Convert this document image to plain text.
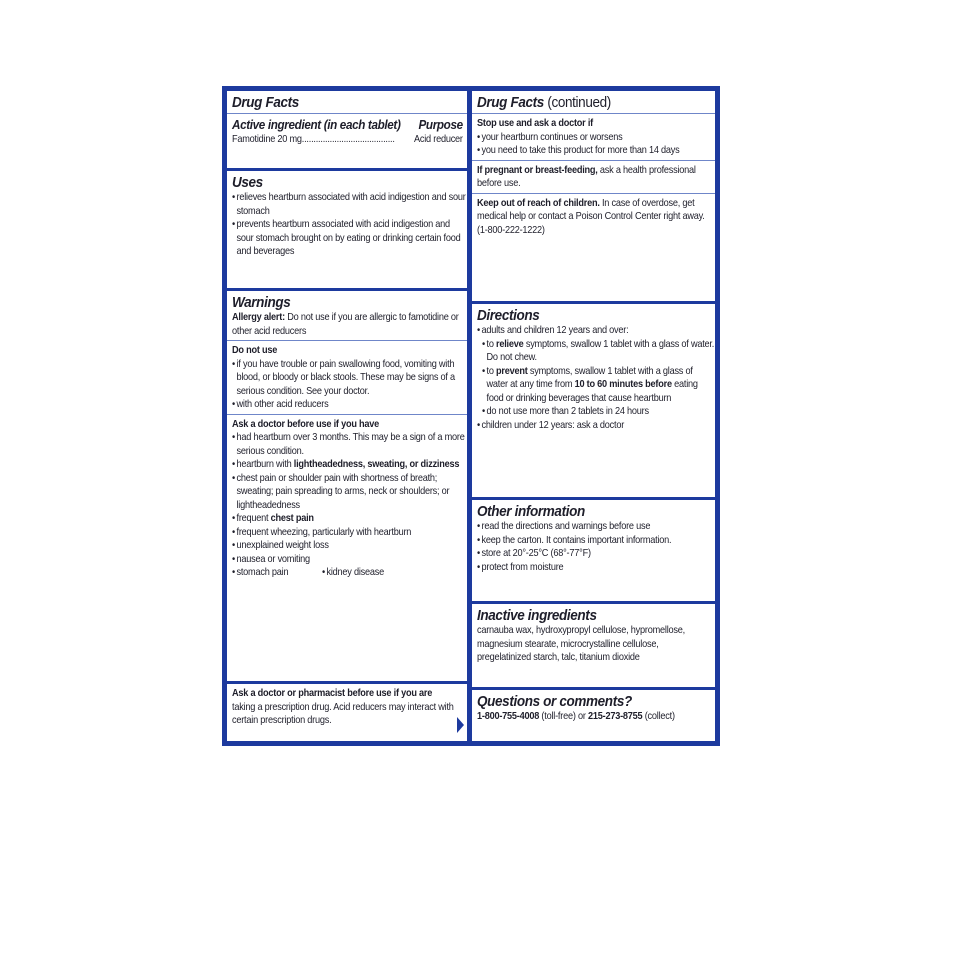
Drug Facts
Active ingredient (in each tablet) Purpose
Famotidine 20 mg........................................ Acid reducer
Uses
• relieves heartburn associated with acid indigestion and sour stomach
• prevents heartburn associated with acid indigestion and sour stomach brought on by eating or drinking certain food and beverages
Warnings
Allergy alert: Do not use if you are allergic to famotidine or other acid reducers
Do not use
• if you have trouble or pain swallowing food, vomiting with blood, or bloody or black stools. These may be signs of a serious condition. See your doctor.
• with other acid reducers
Ask a doctor before use if you have
• had heartburn over 3 months. This may be a sign of a more serious condition.
• heartburn with lightheadedness, sweating, or dizziness
• chest pain or shoulder pain with shortness of breath; sweating; pain spreading to arms, neck or shoulders; or lightheadedness
• frequent chest pain
• frequent wheezing, particularly with heartburn
• unexplained weight loss
• nausea or vomiting
• stomach pain
•	kidney disease
Ask a doctor or pharmacist before use if you are
taking a prescription drug. Acid reducers may interact with certain prescription drugs.
Drug Facts (continued)
Stop use and ask a doctor if
• your heartburn continues or worsens
• you need to take this product for more than 14 days
If pregnant or breast-feeding, ask a health professional before use.
Keep out of reach of children. In case of overdose, get medical help or contact a Poison Control Center right away. (1-800-222-1222)
Directions
• adults and children 12 years and over:
• to relieve symptoms, swallow 1 tablet with a glass of water. Do not chew.
• to prevent symptoms, swallow 1 tablet with a glass of water at any time from 10 to 60 minutes before eating food or drinking beverages that cause heartburn
• do not use more than 2 tablets in 24 hours
• children under 12 years: ask a doctor
Other information
• read the directions and warnings before use
• keep the carton. It contains important information.
• store at 20°-25°C (68°-77°F)
• protect from moisture
Inactive ingredients
carnauba wax, hydroxypropyl cellulose, hypromellose, magnesium stearate, microcrystalline cellulose, pregelatinized starch, talc, titanium dioxide
Questions or comments?
1-800-755-4008 (toll-free) or 215-273-8755 (collect)
